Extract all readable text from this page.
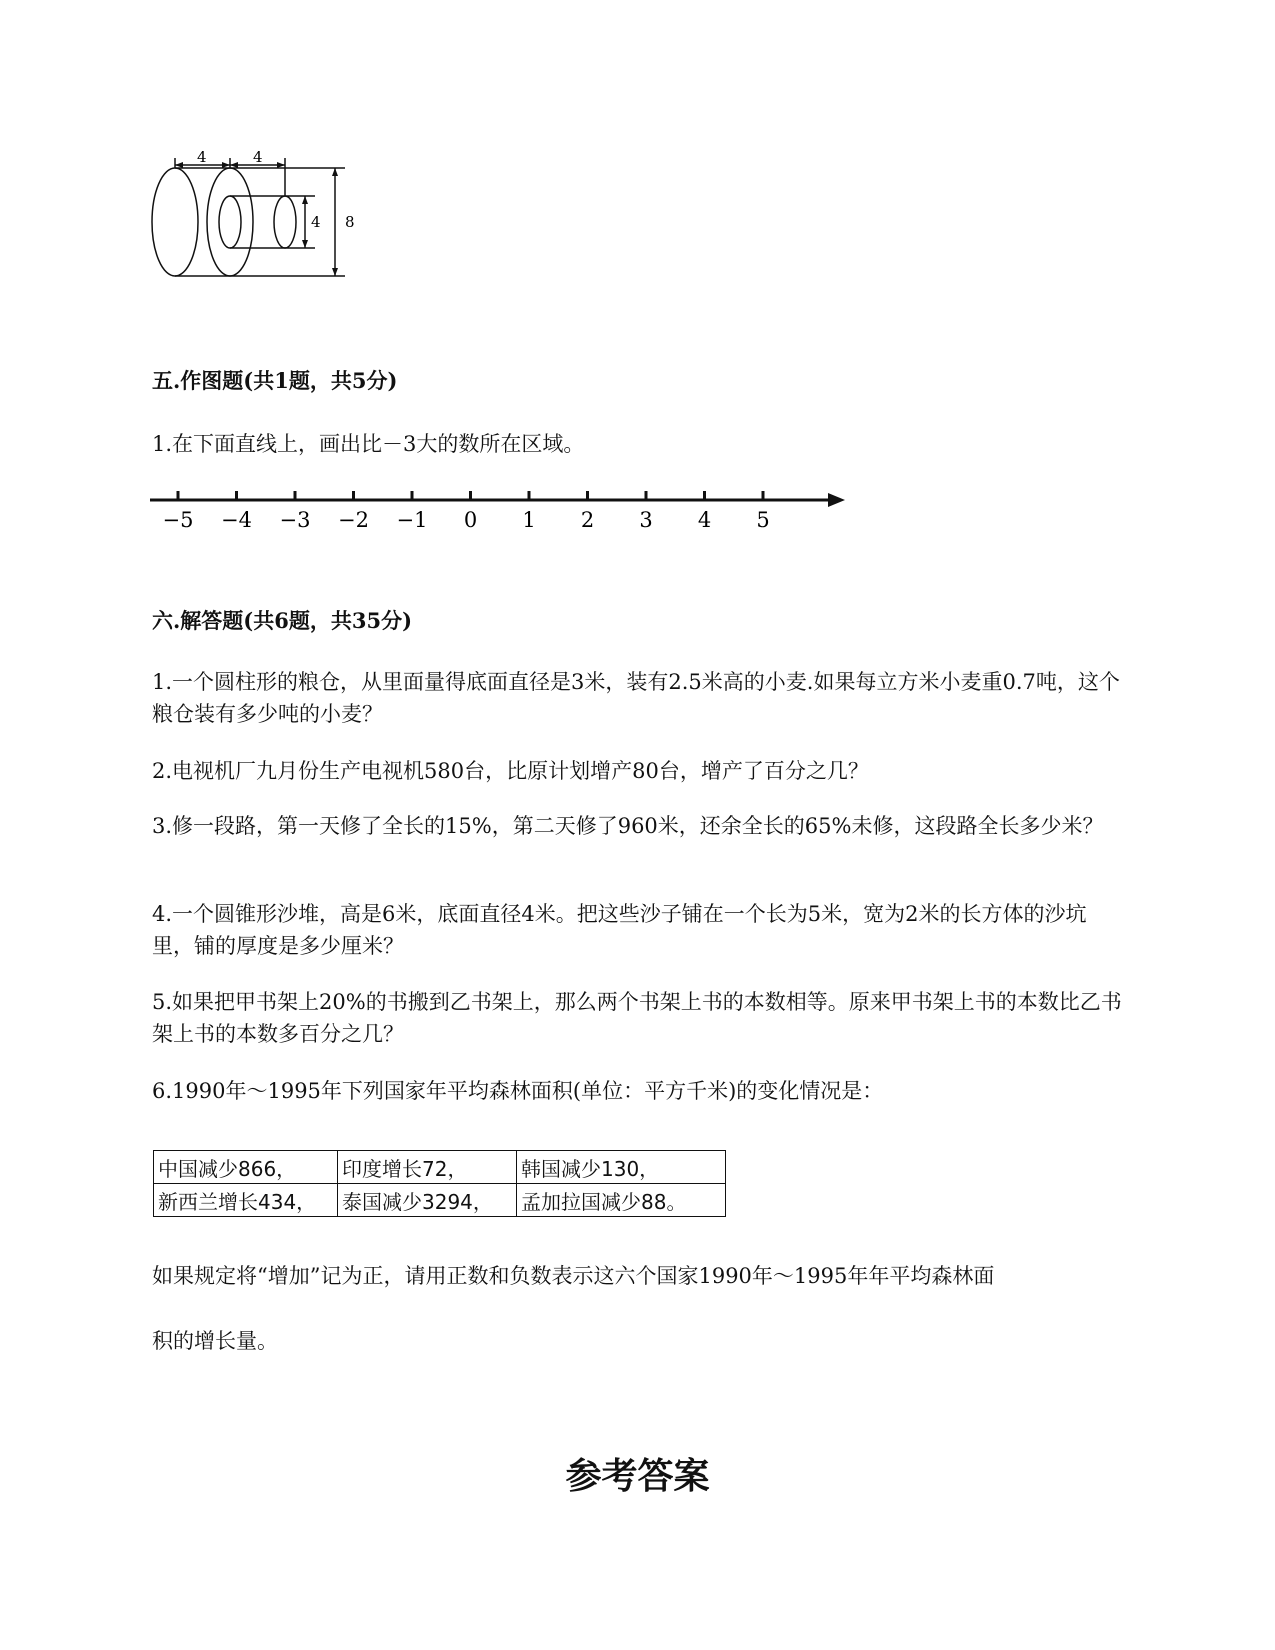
4	4
4 8
五.作图题(共1题，共5分)
1.在下面直线上，画出比－3大的数所在区域。
−5 −4 −3 −2 −1 0 1 2 3 4 5
六.解答题(共6题，共35分)
1.一个圆柱形的粮仓，从里面量得底面直径是3米，装有2.5米高的小麦.如果每立方米小麦重0.7吨，这个粮仓装有多少吨的小麦？
2.电视机厂九月份生产电视机580台，比原计划增产80台，增产了百分之几？
3.修一段路，第一天修了全长的15%，第二天修了960米，还余全长的65%未修，这段路全长多少米？
4.一个圆锥形沙堆，高是6米，底面直径4米。把这些沙子铺在一个长为5米，宽为2米的长方体的沙坑里，铺的厚度是多少厘米？
5.如果把甲书架上20%的书搬到乙书架上，那么两个书架上书的本数相等。原来甲书架上书的本数比乙书架上书的本数多百分之几？
6.1990年～1995年下列国家年平均森林面积(单位：平方千米)的变化情况是：
中国减少866，	印度增长72，	韩国减少130，
新西兰增长434，	泰国减少3294，	孟加拉国减少88。
如果规定将“增加”记为正，请用正数和负数表示这六个国家1990年～1995年年平均森林面
积的增长量。
参考答案
